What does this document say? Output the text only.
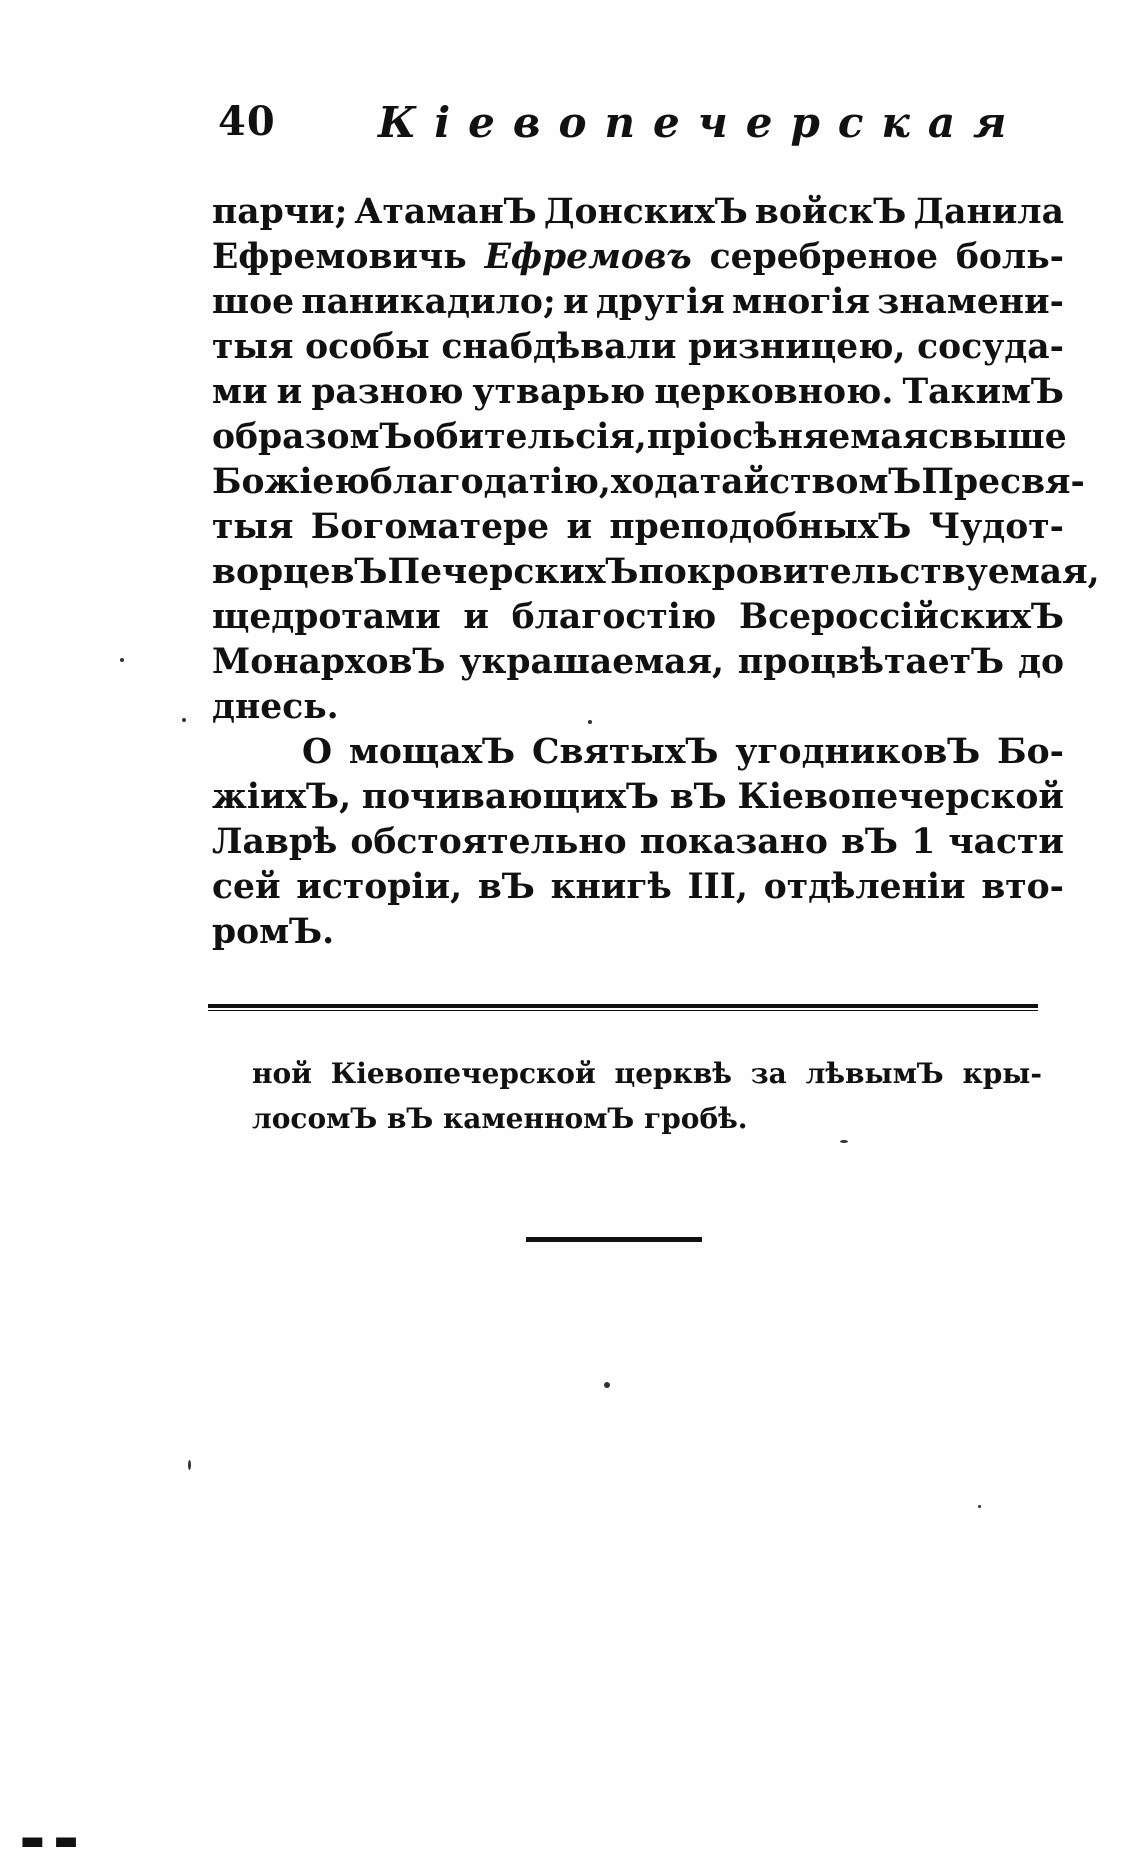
40 Кіевопечерская
парчи; АтаманЪ ДонскихЪ войскЪ Данила
Ефремовичь Ефремовъ серебреное боль-
шое паникадило; и другія многія знамени-
тыя особы снабдѣвали ризницею, сосуда-
ми и разною утварью церковною. ТакимЪ
образомЪ обитель сія, пріосѣняемая свыше
Божіею благодатію, ходатайствомЪ Пресвя-
тыя Богоматере и преподобныхЪ Чудот-
ворцевЪ ПечерскихЪ покровительствуемая,
щедротами и благостію ВсероссійскихЪ
МонарховЪ украшаемая, процвѣтаетЪ до
днесь.
О мощахЪ СвятыхЪ угодниковЪ Бо-
жіихЪ, почивающихЪ вЪ Кіевопечерской
Лаврѣ обстоятельно показано вЪ 1 части
сей исторіи, вЪ книгѣ III, отдѣленіи вто-
ромЪ.
ной Кіевопечерской церквѣ за лѣвымЪ кры-
лосомЪ
вЪ
каменномЪ
гробѣ.
▬ ▬
